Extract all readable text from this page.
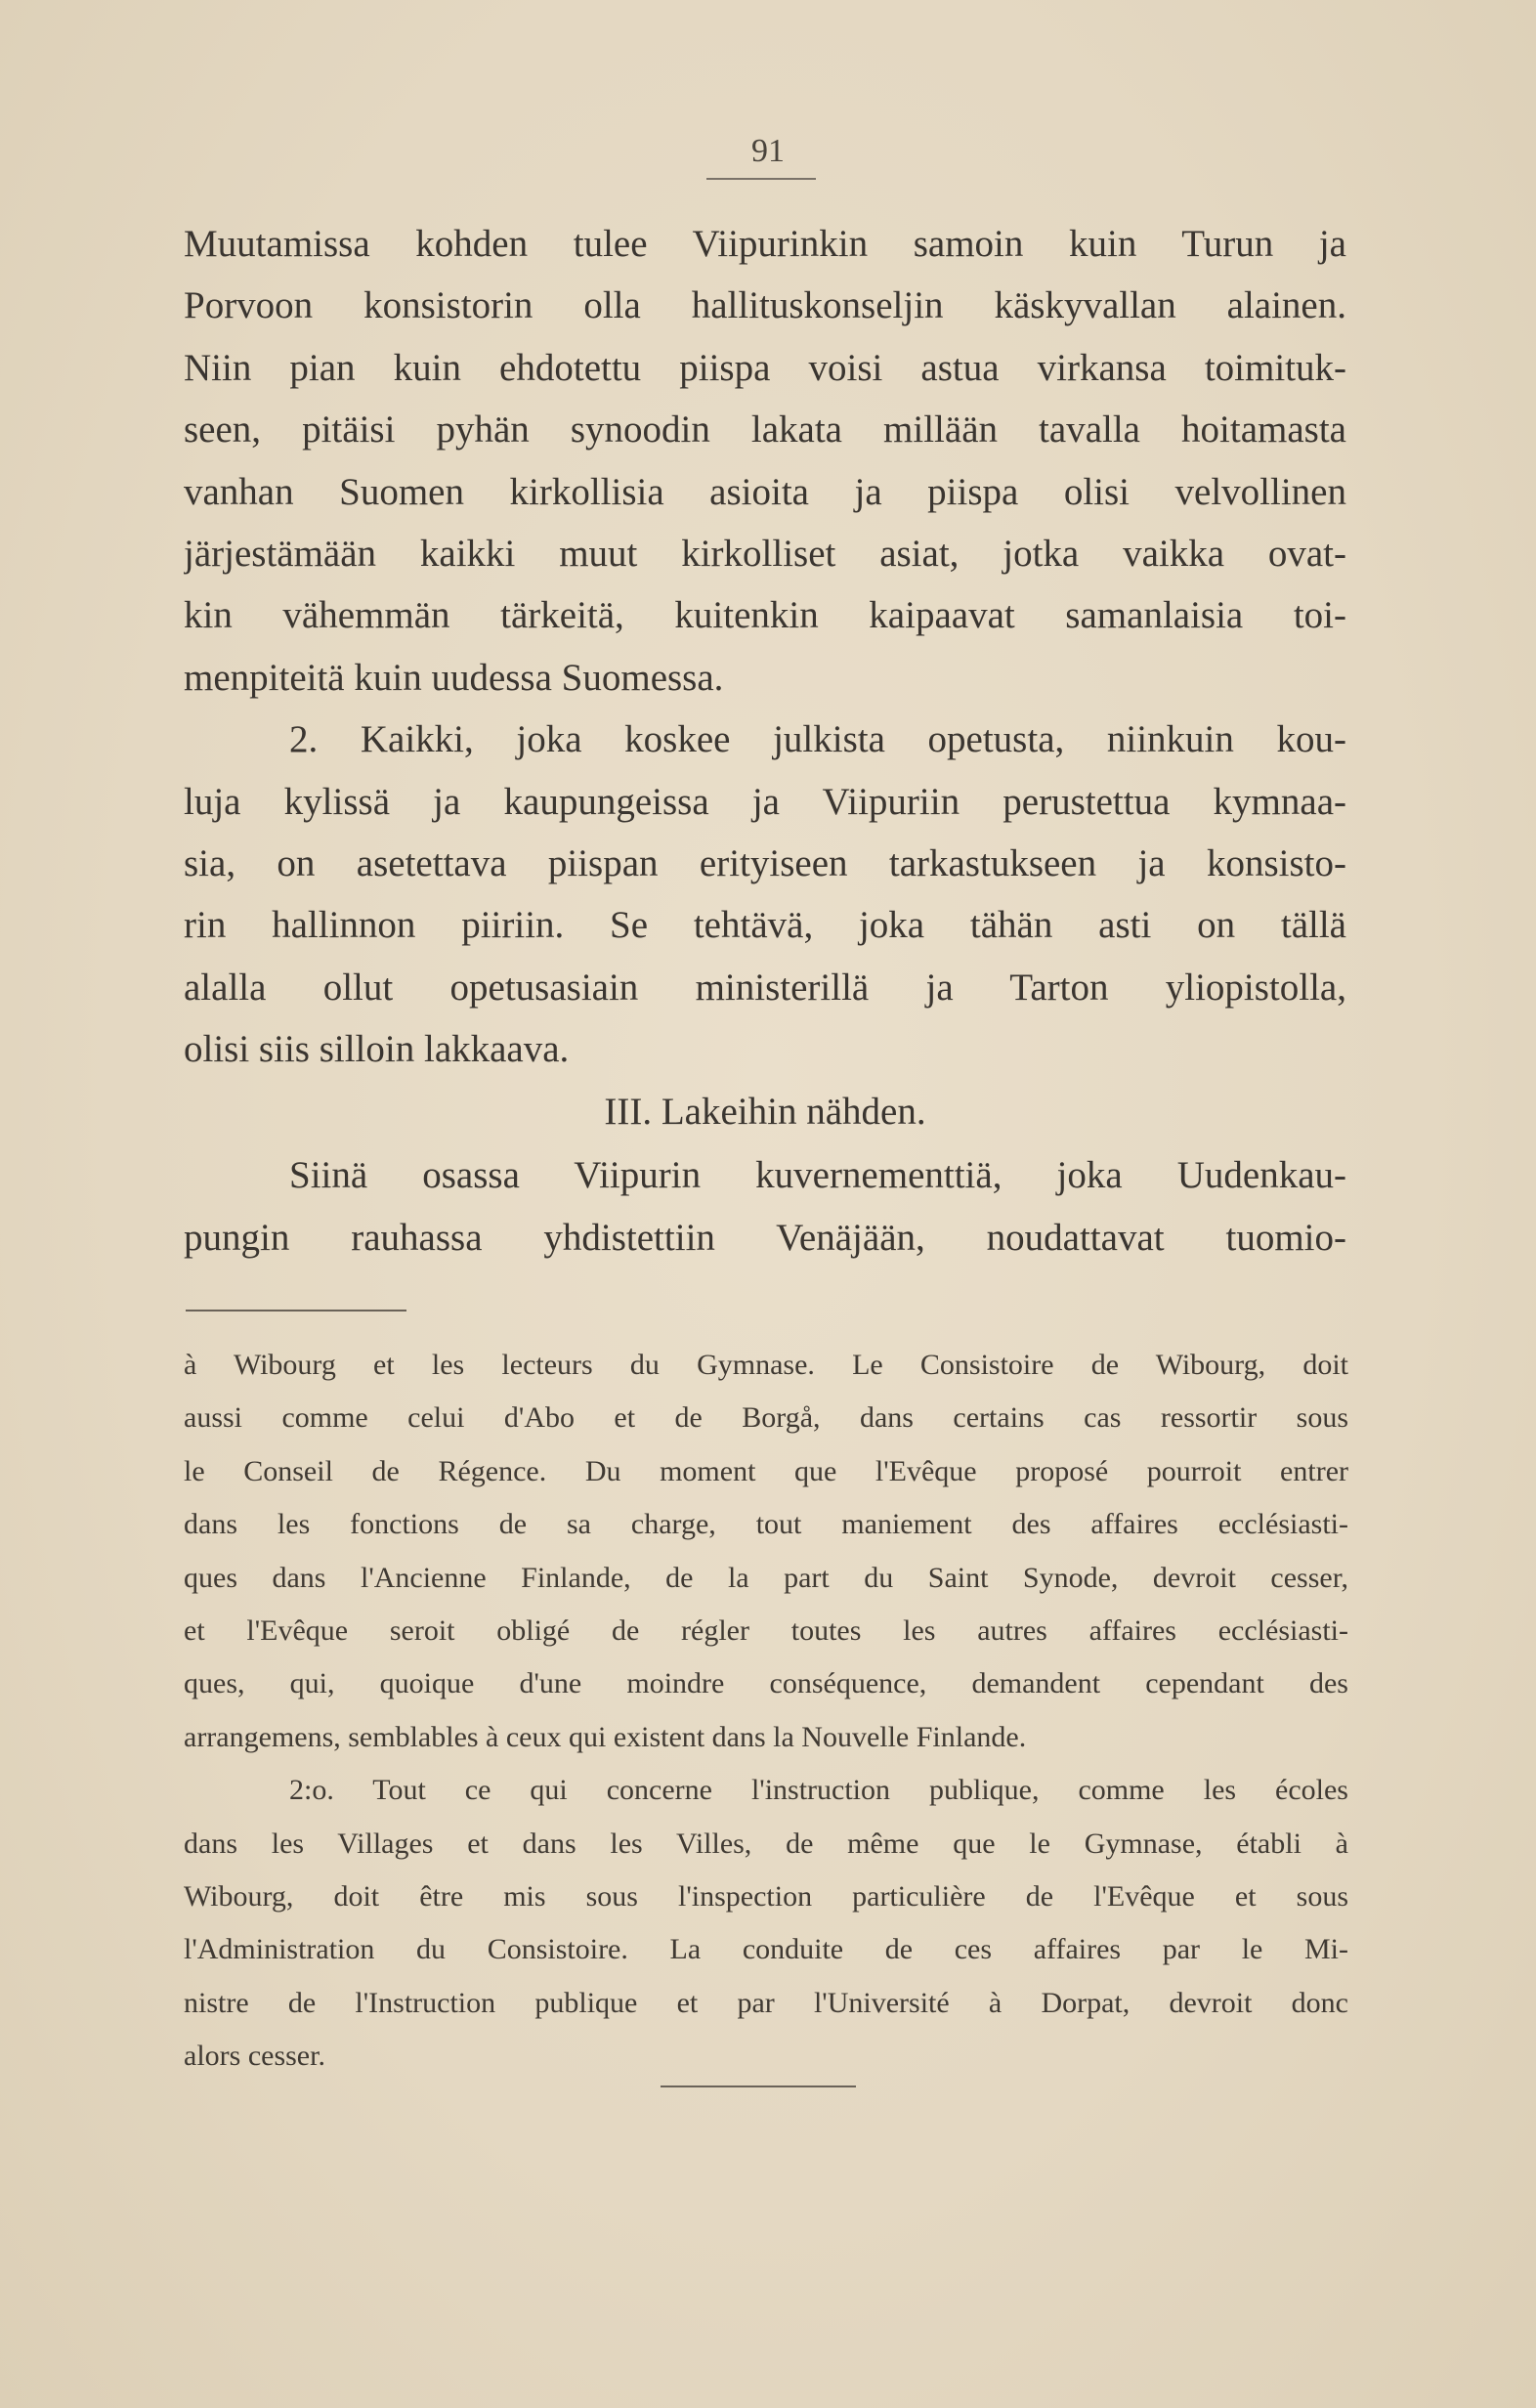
91
Muutamissa kohden tulee Viipurinkin samoin kuin Turun ja
Porvoon konsistorin olla hallituskonseljin käskyvallan alainen.
Niin pian kuin ehdotettu piispa voisi astua virkansa toimituk-
seen, pitäisi pyhän synoodin lakata millään tavalla hoitamasta
vanhan Suomen kirkollisia asioita ja piispa olisi velvollinen
järjestämään kaikki muut kirkolliset asiat, jotka vaikka ovat-
kin vähemmän tärkeitä, kuitenkin kaipaavat samanlaisia toi-
menpiteitä kuin uudessa Suomessa.
2. Kaikki, joka koskee julkista opetusta, niinkuin kou-
luja kylissä ja kaupungeissa ja Viipuriin perustettua kymnaa-
sia, on asetettava piispan erityiseen tarkastukseen ja konsisto-
rin hallinnon piiriin. Se tehtävä, joka tähän asti on tällä
alalla ollut opetusasiain ministerillä ja Tarton yliopistolla,
olisi siis silloin lakkaava.
III. Lakeihin nähden.
Siinä osassa Viipurin kuvernementtiä, joka Uudenkau-
pungin rauhassa yhdistettiin Venäjään, noudattavat tuomio-
à Wibourg et les lecteurs du Gymnase. Le Consistoire de Wibourg, doit
aussi comme celui d'Abo et de Borgå, dans certains cas ressortir sous
le Conseil de Régence. Du moment que l'Evêque proposé pourroit entrer
dans les fonctions de sa charge, tout maniement des affaires ecclésiasti-
ques dans l'Ancienne Finlande, de la part du Saint Synode, devroit cesser,
et l'Evêque seroit obligé de régler toutes les autres affaires ecclésiasti-
ques, qui, quoique d'une moindre conséquence, demandent cependant des
arrangemens, semblables à ceux qui existent dans la Nouvelle Finlande.
2:o. Tout ce qui concerne l'instruction publique, comme les écoles
dans les Villages et dans les Villes, de même que le Gymnase, établi à
Wibourg, doit être mis sous l'inspection particulière de l'Evêque et sous
l'Administration du Consistoire. La conduite de ces affaires par le Mi-
nistre de l'Instruction publique et par l'Université à Dorpat, devroit donc
alors cesser.
